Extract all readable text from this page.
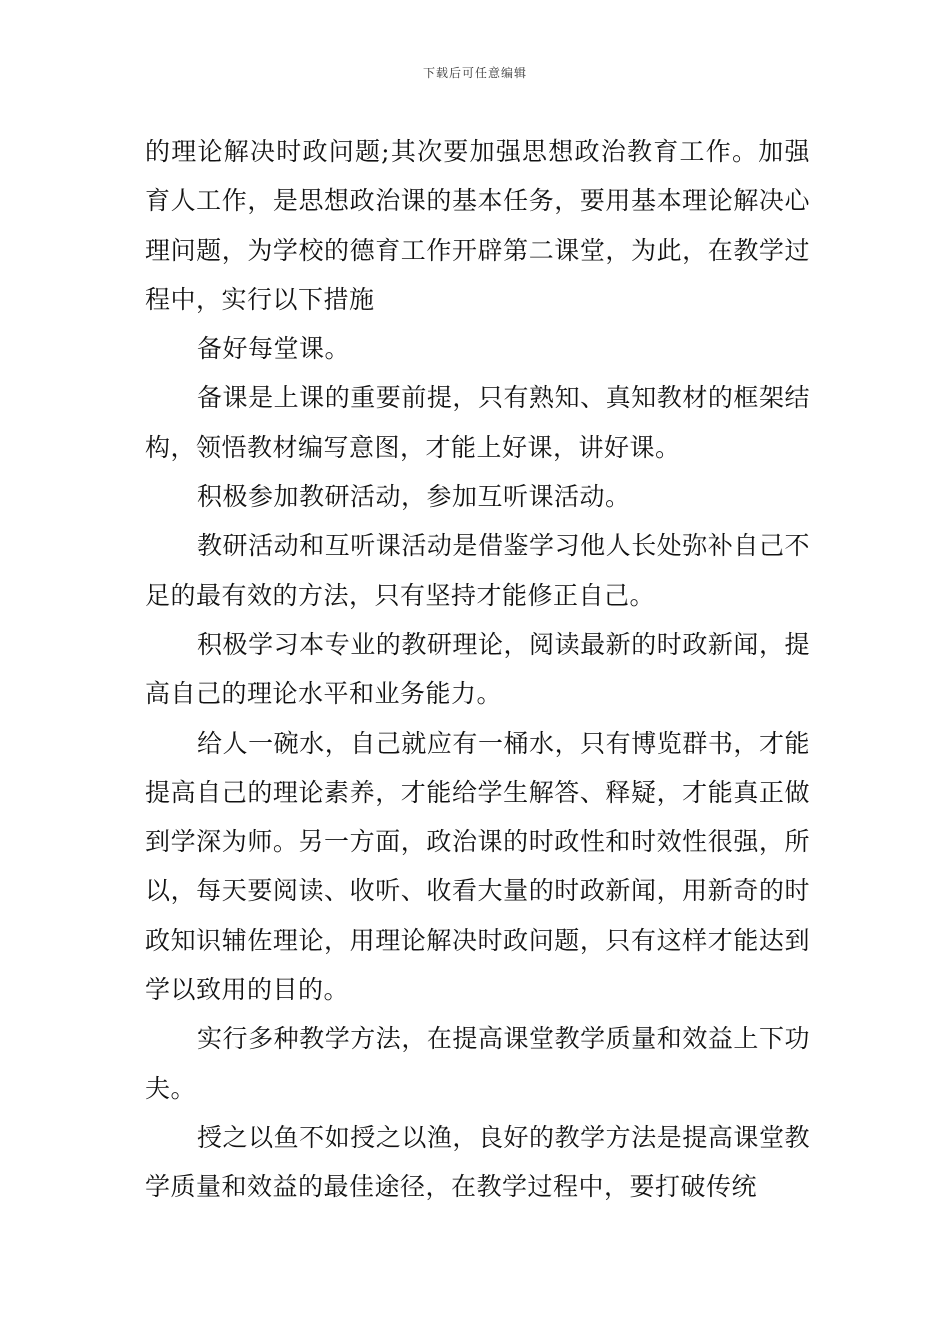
下载后可任意编辑

的理论解决时政问题;其次要加强思想政治教育工作。加强育人工作，是思想政治课的基本任务，要用基本理论解决心理问题，为学校的德育工作开辟第二课堂，为此，在教学过程中，实行以下措施

备好每堂课。

备课是上课的重要前提，只有熟知、真知教材的框架结构，领悟教材编写意图，才能上好课，讲好课。

积极参加教研活动，参加互听课活动。

教研活动和互听课活动是借鉴学习他人长处弥补自己不足的最有效的方法，只有坚持才能修正自己。

积极学习本专业的教研理论，阅读最新的时政新闻，提高自己的理论水平和业务能力。

给人一碗水，自己就应有一桶水，只有博览群书，才能提高自己的理论素养，才能给学生解答、释疑，才能真正做到学深为师。另一方面，政治课的时政性和时效性很强，所以，每天要阅读、收听、收看大量的时政新闻，用新奇的时政知识辅佐理论，用理论解决时政问题，只有这样才能达到学以致用的目的。

实行多种教学方法，在提高课堂教学质量和效益上下功夫。

授之以鱼不如授之以渔，良好的教学方法是提高课堂教学质量和效益的最佳途径，在教学过程中，要打破传统
